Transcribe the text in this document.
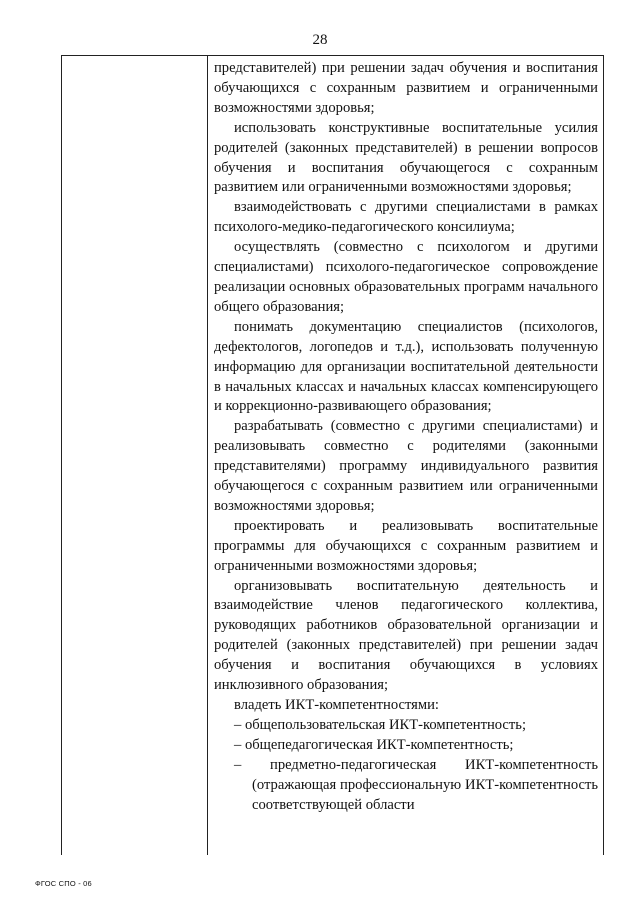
28

представителей) при решении задач обучения и воспитания обучающихся с сохранным развитием и ограниченными возможностями здоровья;

использовать конструктивные воспитательные усилия родителей (законных представителей) в решении вопросов обучения и воспитания обучающегося с сохранным развитием или ограниченными возможностями здоровья;

взаимодействовать с другими специалистами в рамках психолого-медико-педагогического консилиума;

осуществлять (совместно с психологом и другими специалистами) психолого-педагогическое сопровождение реализации основных образовательных программ начального общего образования;

понимать документацию специалистов (психологов, дефектологов, логопедов и т.д.), использовать полученную информацию для организации воспитательной деятельности в начальных классах и начальных классах компенсирующего и коррекционно-развивающего образования;

разрабатывать (совместно с другими специалистами) и реализовывать совместно с родителями (законными представителями) программу индивидуального развития обучающегося с сохранным развитием или ограниченными возможностями здоровья;

проектировать и реализовывать воспитательные программы для обучающихся с сохранным развитием и ограниченными возможностями здоровья;

организовывать воспитательную деятельность и взаимодействие членов педагогического коллектива, руководящих работников образовательной организации и родителей (законных представителей) при решении задач обучения и воспитания обучающихся в условиях инклюзивного образования;

владеть ИКТ-компетентностями:

– общепользовательская ИКТ-компетентность;

– общепедагогическая ИКТ-компетентность;

– предметно-педагогическая ИКТ-компетентность (отражающая профессиональную ИКТ-компетентность соответствующей области

ФГОС СПО - 06
